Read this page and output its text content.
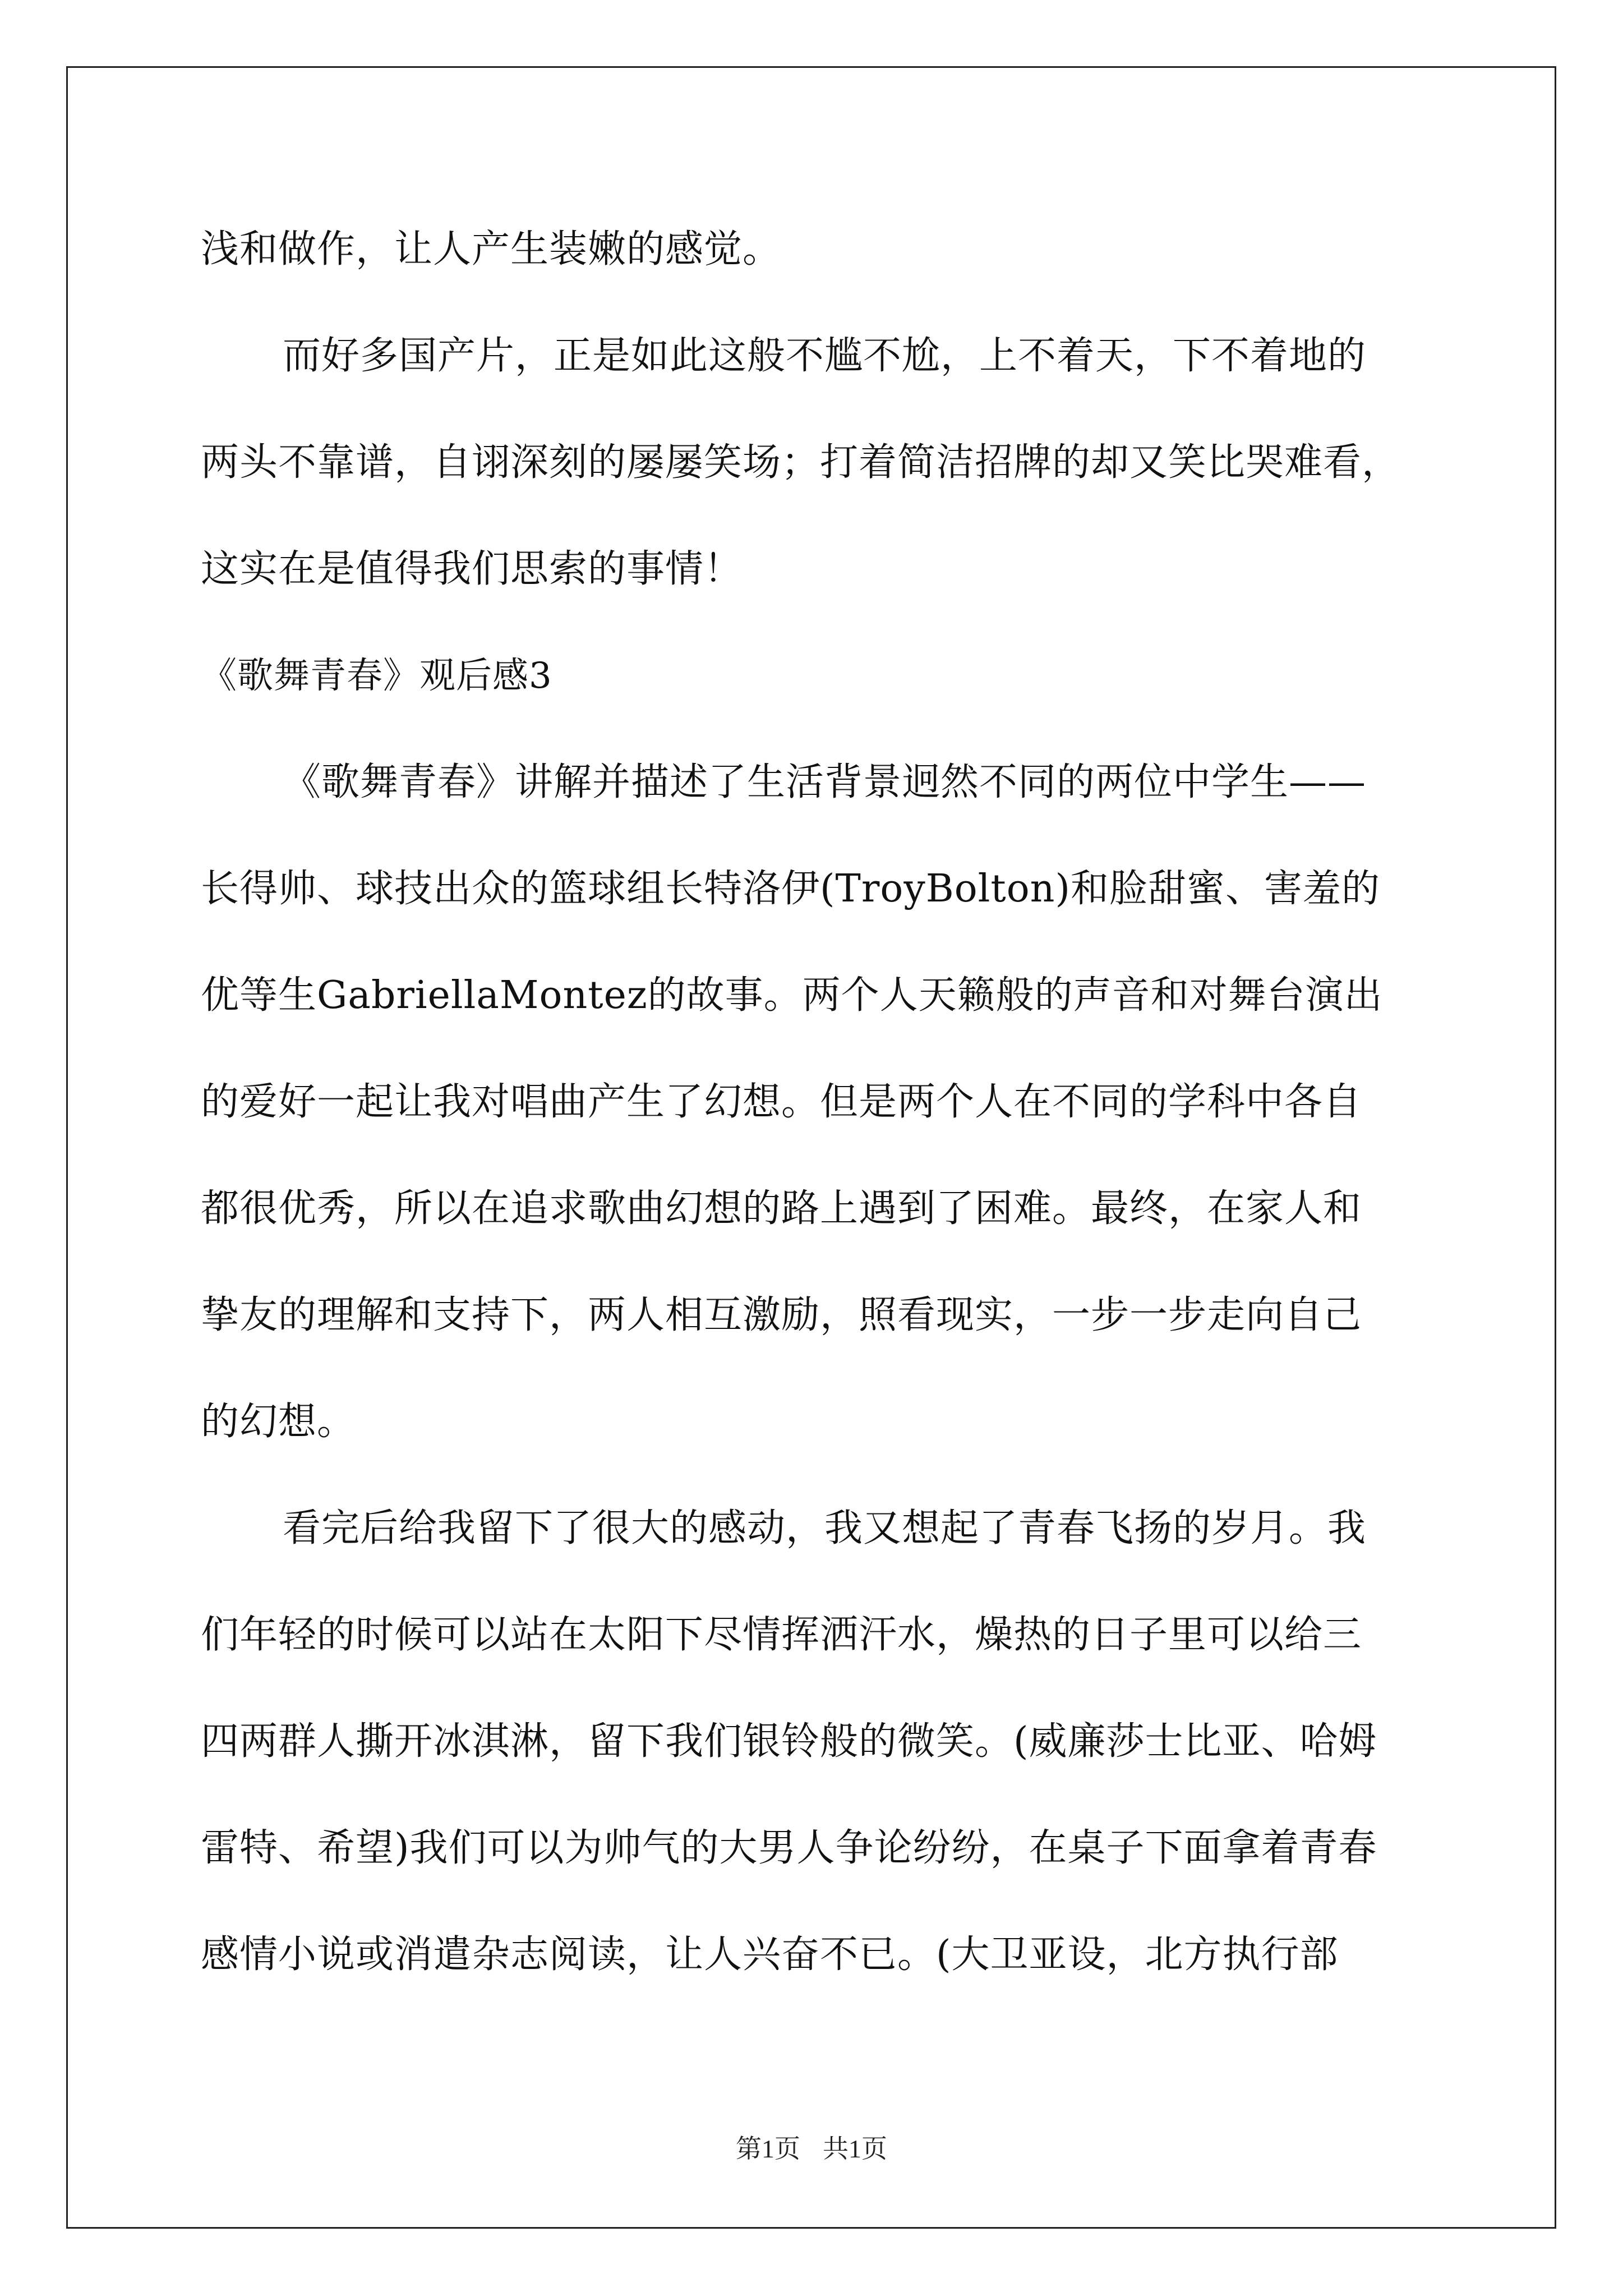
浅和做作，让人产生装嫩的感觉。
而好多国产片，正是如此这般不尴不尬，上不着天，下不着地的
两头不靠谱，自诩深刻的屡屡笑场；打着简洁招牌的却又笑比哭难看，
这实在是值得我们思索的事情！
《歌舞青春》观后感3
《歌舞青春》讲解并描述了生活背景迥然不同的两位中学生——
长得帅、球技出众的篮球组长特洛伊(TroyBolton)和脸甜蜜、害羞的
优等生GabriellaMontez的故事。两个人天籁般的声音和对舞台演出
的爱好一起让我对唱曲产生了幻想。但是两个人在不同的学科中各自
都很优秀，所以在追求歌曲幻想的路上遇到了困难。最终，在家人和
挚友的理解和支持下，两人相互激励，照看现实，一步一步走向自己
的幻想。
看完后给我留下了很大的感动，我又想起了青春飞扬的岁月。我
们年轻的时候可以站在太阳下尽情挥洒汗水，燥热的日子里可以给三
四两群人撕开冰淇淋，留下我们银铃般的微笑。(威廉莎士比亚、哈姆
雷特、希望)我们可以为帅气的大男人争论纷纷，在桌子下面拿着青春
感情小说或消遣杂志阅读，让人兴奋不已。(大卫亚设，北方执行部
第1页 共1页
